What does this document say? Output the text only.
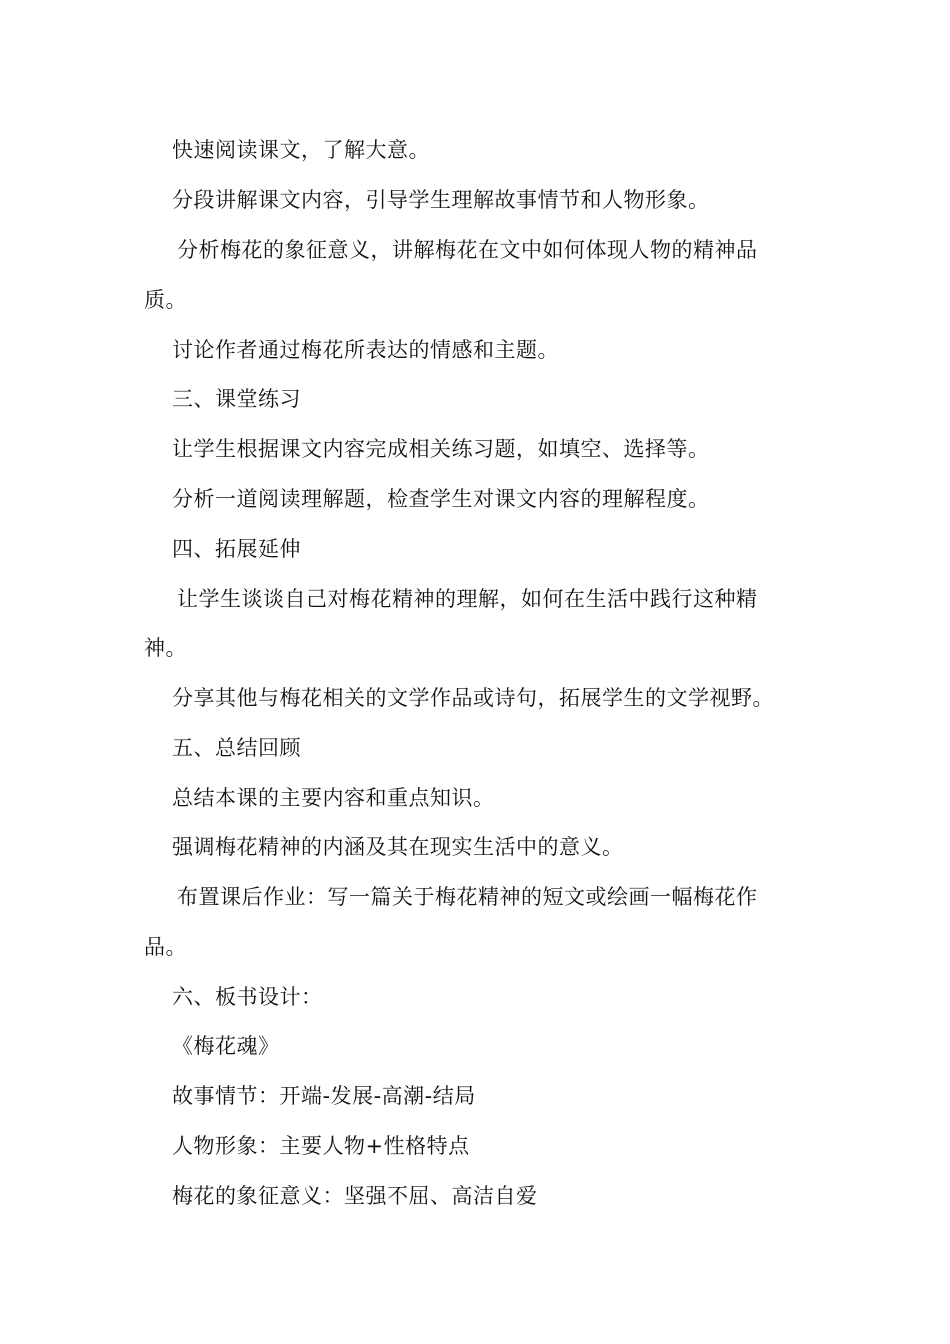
快速阅读课文，了解大意。
分段讲解课文内容，引导学生理解故事情节和人物形象。
分析梅花的象征意义，讲解梅花在文中如何体现人物的精神品
质。
讨论作者通过梅花所表达的情感和主题。
三、课堂练习
让学生根据课文内容完成相关练习题，如填空、选择等。
分析一道阅读理解题，检查学生对课文内容的理解程度。
四、拓展延伸
让学生谈谈自己对梅花精神的理解，如何在生活中践行这种精
神。
分享其他与梅花相关的文学作品或诗句，拓展学生的文学视野。
五、总结回顾
总结本课的主要内容和重点知识。
强调梅花精神的内涵及其在现实生活中的意义。
布置课后作业：写一篇关于梅花精神的短文或绘画一幅梅花作
品。
六、板书设计：
《梅花魂》
故事情节：开端-发展-高潮-结局
人物形象：主要人物+性格特点
梅花的象征意义：坚强不屈、高洁自爱
